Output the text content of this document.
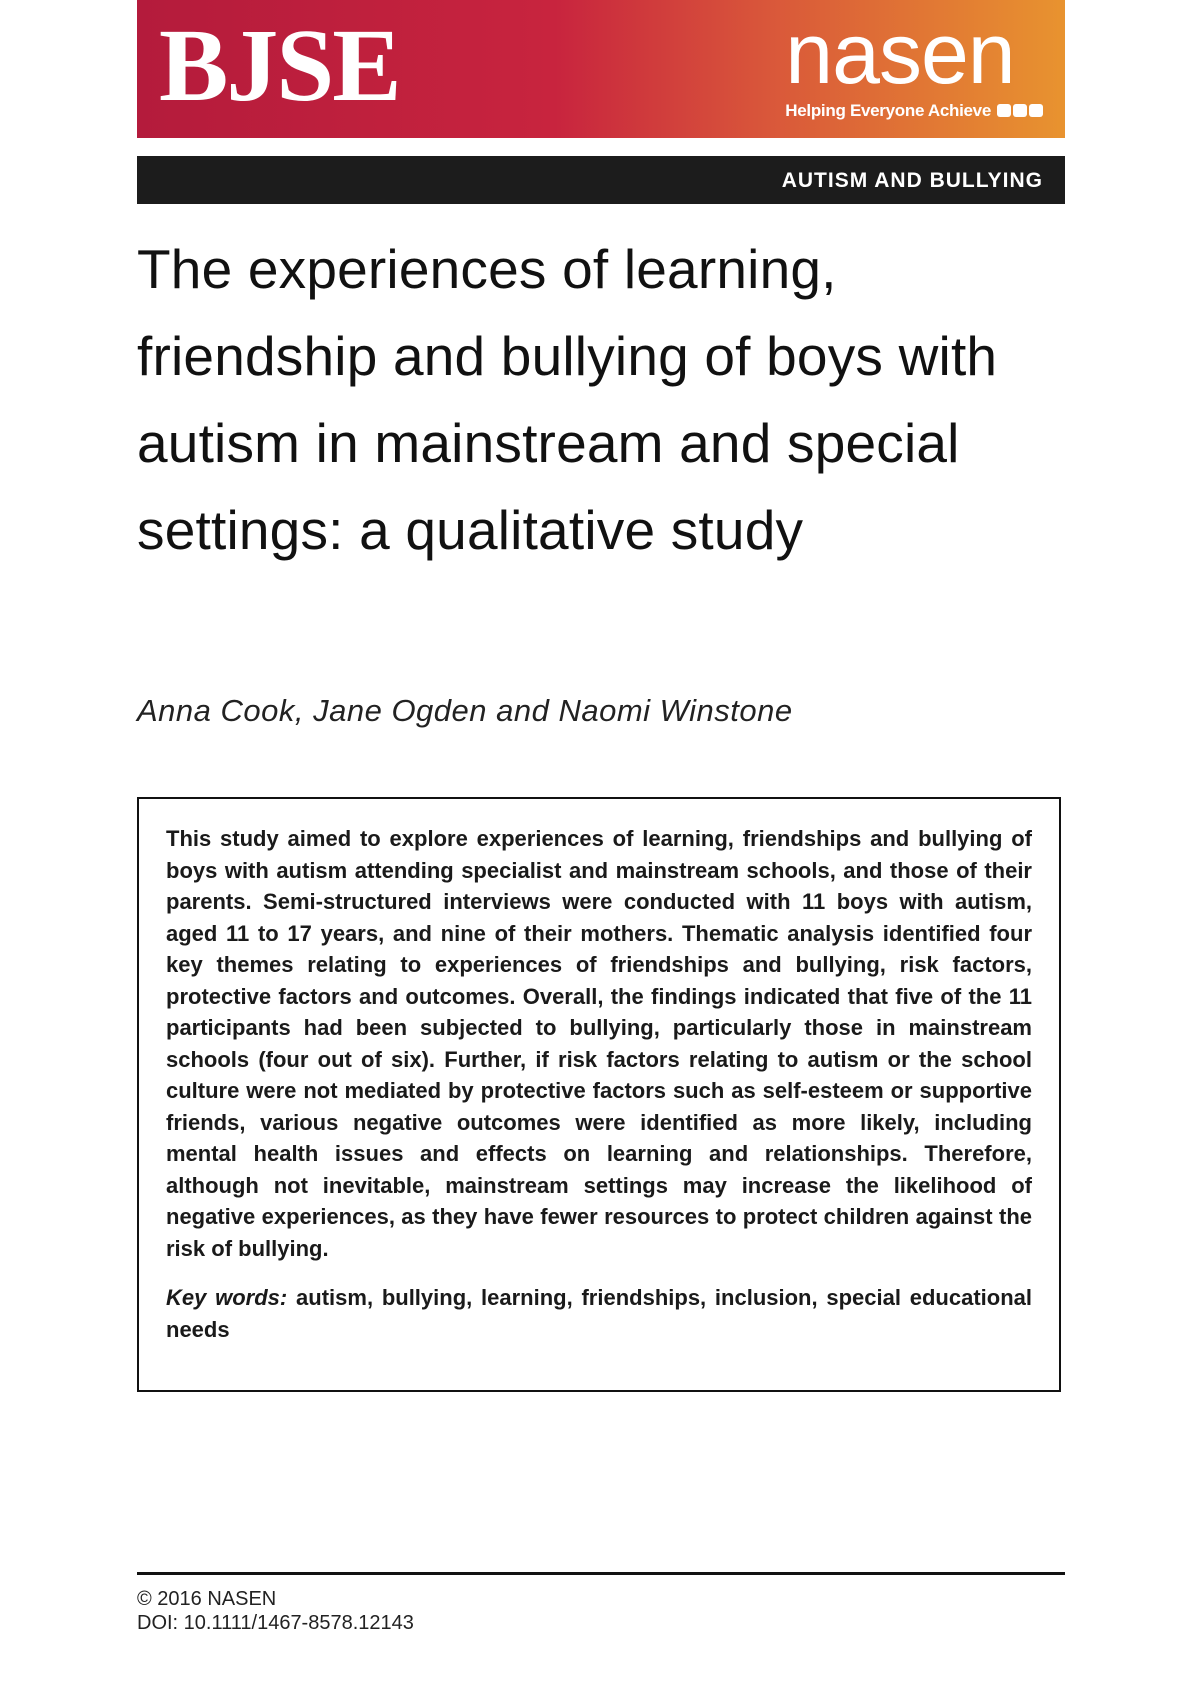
BJSE	nasen
Helping Everyone Achieve
AUTISM AND BULLYING
The experiences of learning, friendship and bullying of boys with autism in mainstream and special settings: a qualitative study
Anna Cook, Jane Ogden and Naomi Winstone

This study aimed to explore experiences of learning, friendships and bullying of boys with autism attending specialist and mainstream schools, and those of their parents. Semi-structured interviews were conducted with 11 boys with autism, aged 11 to 17 years, and nine of their mothers. Thematic analysis identified four key themes relating to experiences of friendships and bullying, risk factors, protective factors and outcomes. Overall, the findings indicated that five of the 11 participants had been subjected to bullying, particularly those in mainstream schools (four out of six). Further, if risk factors relating to autism or the school culture were not mediated by protective factors such as self-esteem or supportive friends, various negative outcomes were identified as more likely, including mental health issues and effects on learning and relationships. Therefore, although not inevitable, mainstream settings may increase the likelihood of negative experiences, as they have fewer resources to protect children against the risk of bullying.

Key words: autism, bullying, learning, friendships, inclusion, special educational needs

© 2016 NASEN
DOI: 10.1111/1467-8578.12143
